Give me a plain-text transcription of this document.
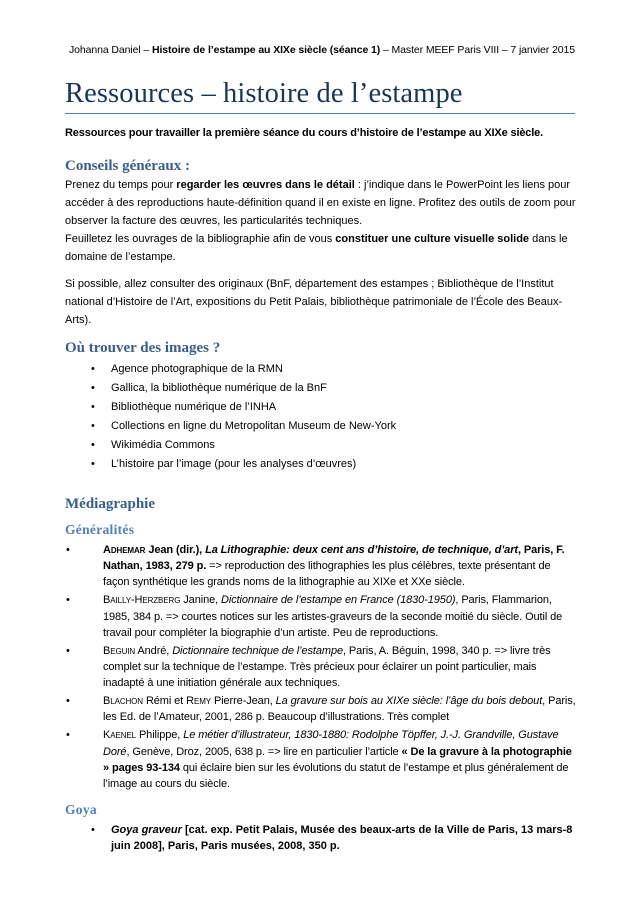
Johanna Daniel – Histoire de l’estampe au XIXe siècle (séance 1) – Master MEEF Paris VIII – 7 janvier 2015
Ressources – histoire de l’estampe

Ressources pour travailler la première séance du cours d’histoire de l’estampe au XIXe siècle.

Conseils généraux :

Prenez du temps pour regarder les œuvres dans le détail : j’indique dans le PowerPoint les liens pour accéder à des reproductions haute-définition quand il en existe en ligne. Profitez des outils de zoom pour observer la facture des œuvres, les particularités techniques.

Feuilletez les ouvrages de la bibliographie afin de vous constituer une culture visuelle solide dans le domaine de l’estampe.

Si possible, allez consulter des originaux (BnF, département des estampes ; Bibliothèque de l’Institut national d’Histoire de l’Art, expositions du Petit Palais, bibliothèque patrimoniale de l’École des Beaux-Arts).

Où trouver des images ?
• Agence photographique de la RMN
• Gallica, la bibliothèque numérique de la BnF
• Bibliothèque numérique de l’INHA
• Collections en ligne du Metropolitan Museum de New-York
• Wikimédia Commons
• L’histoire par l’image (pour les analyses d’œuvres)
Médiagraphie
Généralités
• Adhemar Jean (dir.), La Lithographie: deux cent ans d’histoire, de technique, d’art, Paris, F. Nathan, 1983, 279 p. => reproduction des lithographies les plus célèbres, texte présentant de façon synthétique les grands noms de la lithographie au XIXe et XXe siècle.
• Bailly-Herzberg Janine, Dictionnaire de l’estampe en France (1830-1950), Paris, Flammarion, 1985, 384 p. => courtes notices sur les artistes-graveurs de la seconde moitié du siècle. Outil de travail pour compléter la biographie d’un artiste. Peu de reproductions.
• Beguin André, Dictionnaire technique de l’estampe, Paris, A. Béguin, 1998, 340 p. => livre très complet sur la technique de l’estampe. Très précieux pour éclairer un point particulier, mais inadapté à une initiation générale aux techniques.
• Blachon Rémi et Remy Pierre-Jean, La gravure sur bois au XIXe siècle: l’âge du bois debout, Paris, les Ed. de l’Amateur, 2001, 286 p. Beaucoup d’illustrations. Très complet
• Kaenel Philippe, Le métier d’illustrateur, 1830-1880: Rodolphe Töpffer, J.-J. Grandville, Gustave Doré, Genève, Droz, 2005, 638 p. => lire en particulier l’article « De la gravure à la photographie » pages 93-134 qui éclaire bien sur les évolutions du statut de l’estampe et plus généralement de l’image au cours du siècle.
Goya
• Goya graveur [cat. exp. Petit Palais, Musée des beaux-arts de la Ville de Paris, 13 mars-8 juin 2008], Paris, Paris musées, 2008, 350 p.
